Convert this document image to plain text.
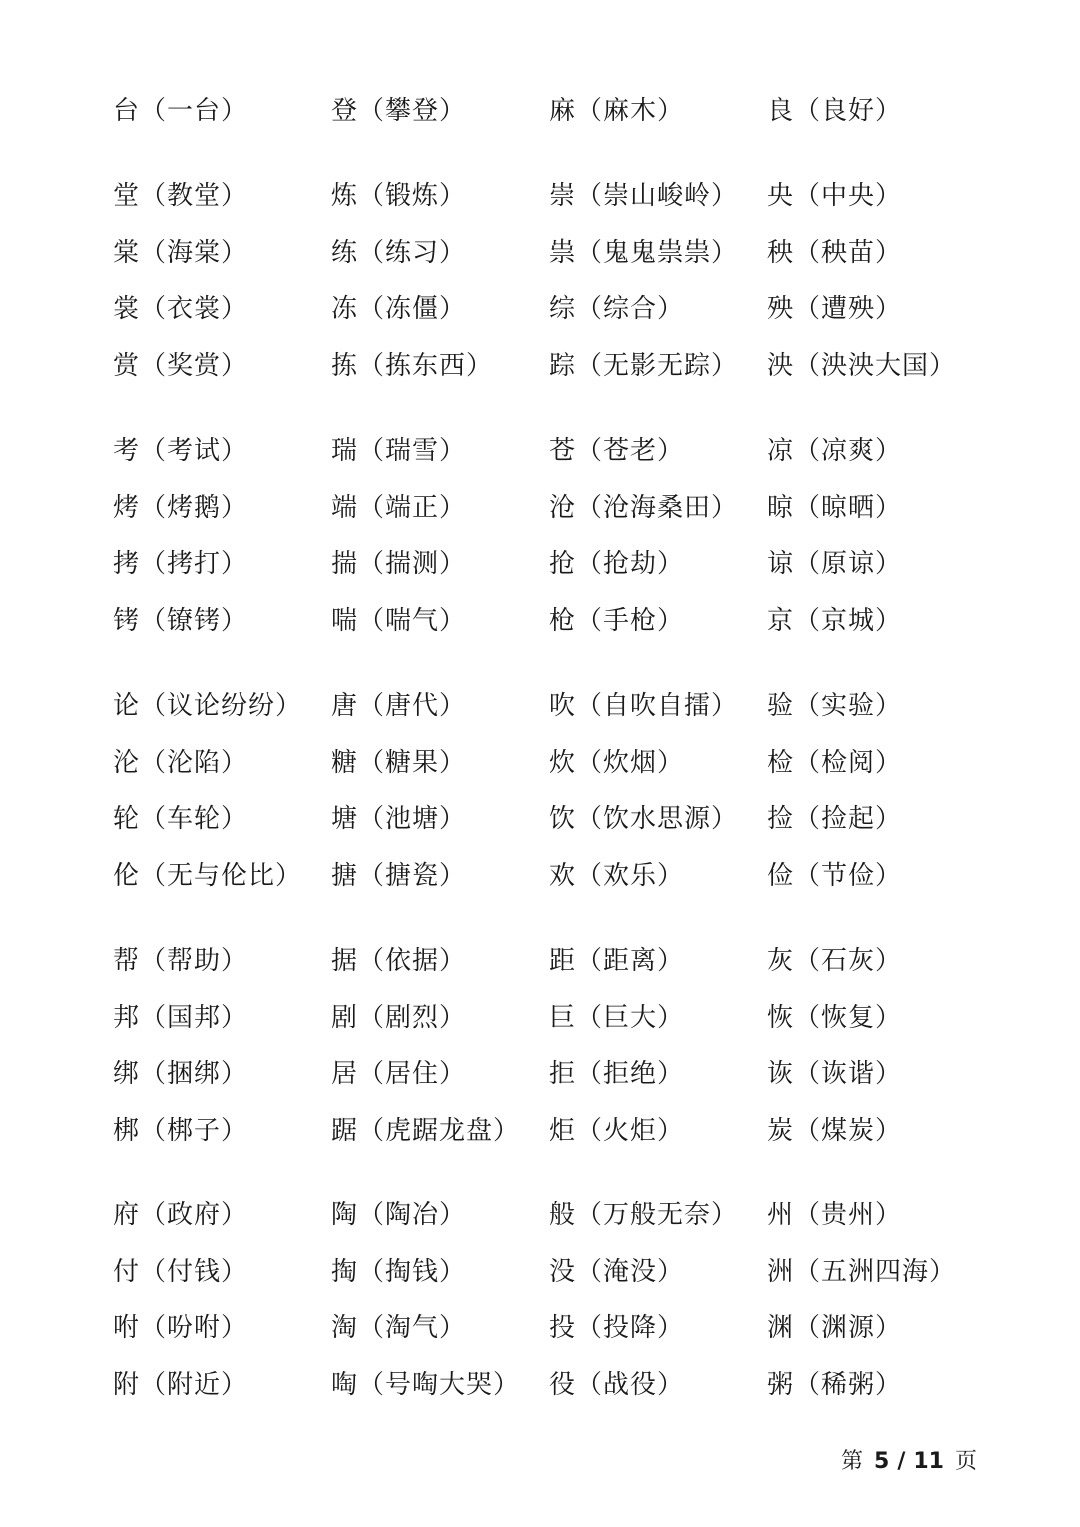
台（一台）	登（攀登）	麻（麻木）	良（良好）
堂（教堂）	炼（锻炼）	崇（崇山峻岭） 央（中央）
棠（海棠）	练（练习）	祟（鬼鬼祟祟） 秧（秧苗）
裳（衣裳）	冻（冻僵）	综（综合）	殃（遭殃）
赏（奖赏）	拣（拣东西） 踪（无影无踪） 泱（泱泱大国）
考（考试）	瑞（瑞雪）	苍（苍老）	凉（凉爽）
烤（烤鹅）	端（端正）	沧（沧海桑田） 晾（晾晒）
拷（拷打）	揣（揣测）	抢（抢劫）	谅（原谅）
铐（镣铐）	喘（喘气）	枪（手枪）	京（京城）
论（议论纷纷） 唐（唐代）	吹（自吹自擂） 验（实验）
沦（沦陷）	糖（糖果）	炊（炊烟）	检（检阅）
轮（车轮）	塘（池塘）	饮（饮水思源） 捡（捡起）
伦（无与伦比） 搪（搪瓷）	欢（欢乐）	俭（节俭）
帮（帮助）	据（依据）	距（距离）	灰（石灰）
邦（国邦）	剧（剧烈）	巨（巨大）	恢（恢复）
绑（捆绑）	居（居住）	拒（拒绝）	诙（诙谐）
梆（梆子）	踞（虎踞龙盘） 炬（火炬）	炭（煤炭）
府（政府）	陶（陶冶）	般（万般无奈） 州（贵州）
付（付钱）	掏（掏钱）	没（淹没）	洲（五洲四海）
咐（吩咐）	淘（淘气）	投（投降）	渊（渊源）
附（附近）	啕（号啕大哭） 役（战役）	粥（稀粥）
第 5 / 11 页
